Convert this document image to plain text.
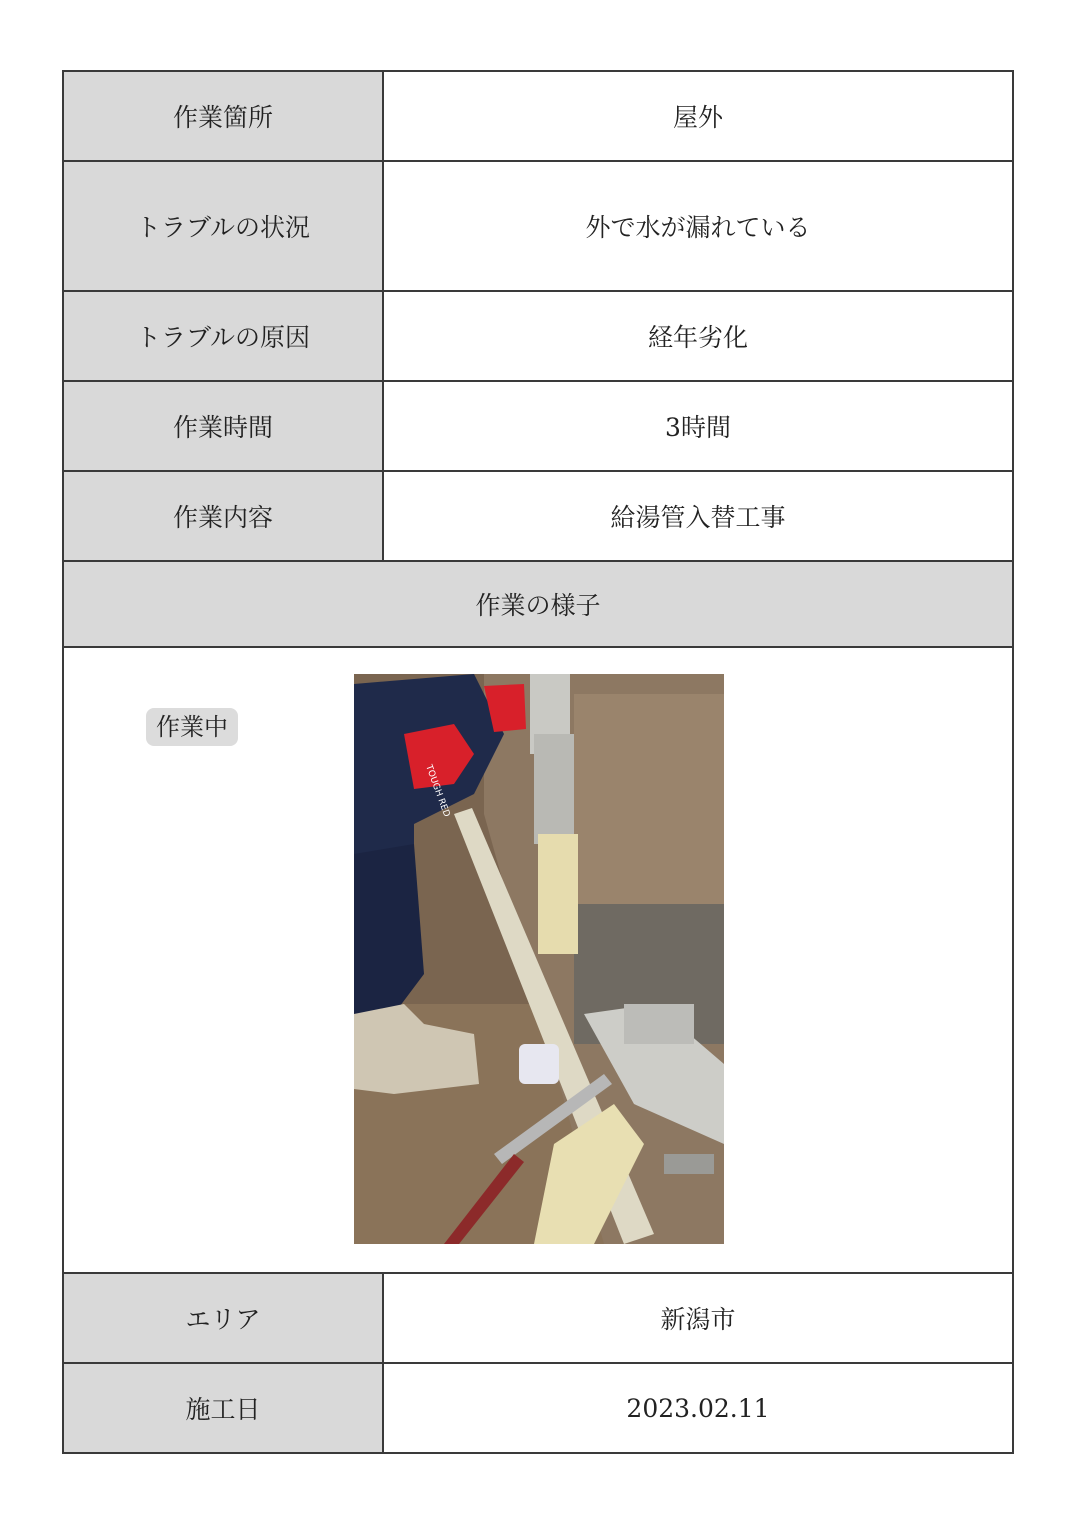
作業箇所	屋外
トラブルの状況	外で水が漏れている
トラブルの原因	経年劣化
作業時間	3時間
作業内容	給湯管入替工事
作業の様子	

作業中
TOUGH RED	

エリア	新潟市
施工日	2023.02.11
